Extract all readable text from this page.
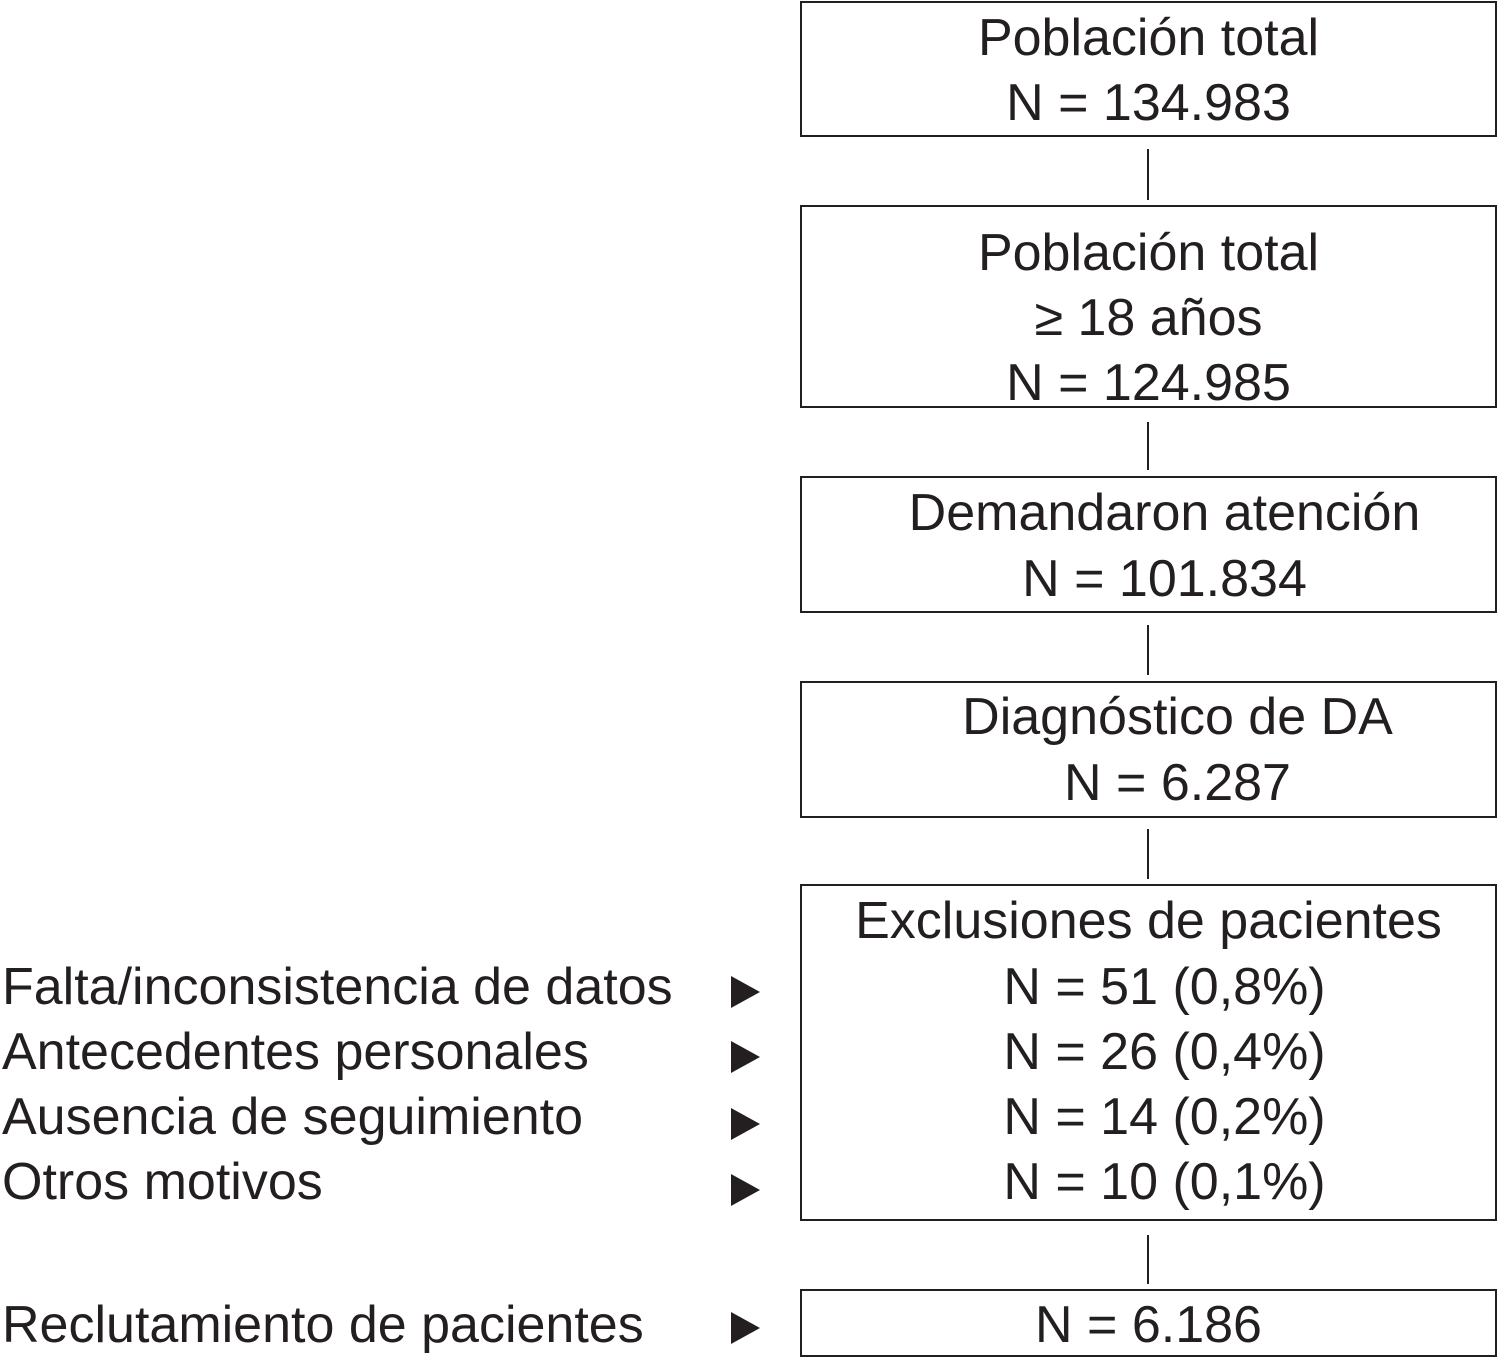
Población total
N = 134.983
Población total
≥ 18 años
N = 124.985
Demandaron atención
N = 101.834
Diagnóstico de DA
N = 6.287
Exclusiones de pacientes
N = 51 (0,8%)
N = 26 (0,4%)
N = 14 (0,2%)
N = 10 (0,1%)
N = 6.186
Falta/inconsistencia de datos
Antecedentes personales
Ausencia de seguimiento
Otros motivos
Reclutamiento de pacientes
